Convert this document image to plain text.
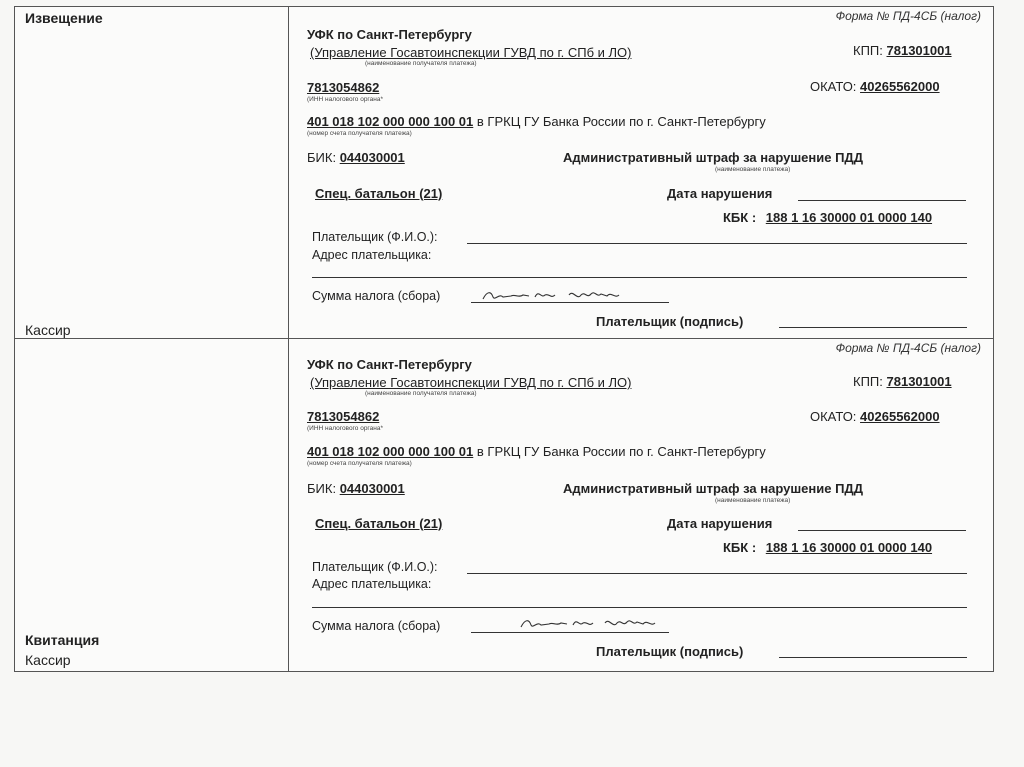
Извещение
Кассир
Форма № ПД-4СБ (налог)
УФК по Санкт-Петербургу
(Управление Госавтоинспекции ГУВД по г. СПб и ЛО)
(наименование получателя платежа)
КПП: 781301001
7813054862
(ИНН налогового органа*
ОКАТО: 40265562000
401 018 102 000 000 100 01 в ГРКЦ ГУ Банка России по г. Санкт-Петербургу
(номер счета получателя платежа)
БИК: 044030001	Административный штраф за нарушение ПДД
(наименование платежа)
Спец. батальон (21)	Дата нарушения
КБК : 188 1 16 30000 01 0000 140
Плательщик (Ф.И.О.):
Адрес плательщика:
Сумма налога (сбора)
Плательщик (подпись)
Квитанция
Кассир
Форма № ПД-4СБ (налог)
УФК по Санкт-Петербургу
(Управление Госавтоинспекции ГУВД по г. СПб и ЛО)
(наименование получателя платежа)
КПП: 781301001
7813054862
(ИНН налогового органа*
ОКАТО: 40265562000
401 018 102 000 000 100 01 в ГРКЦ ГУ Банка России по г. Санкт-Петербургу
(номер счета получателя платежа)
БИК: 044030001	Административный штраф за нарушение ПДД
(наименование платежа)
Спец. батальон (21)	Дата нарушения
КБК : 188 1 16 30000 01 0000 140
Плательщик (Ф.И.О.):
Адрес плательщика:
Сумма налога (сбора)
Плательщик (подпись)
